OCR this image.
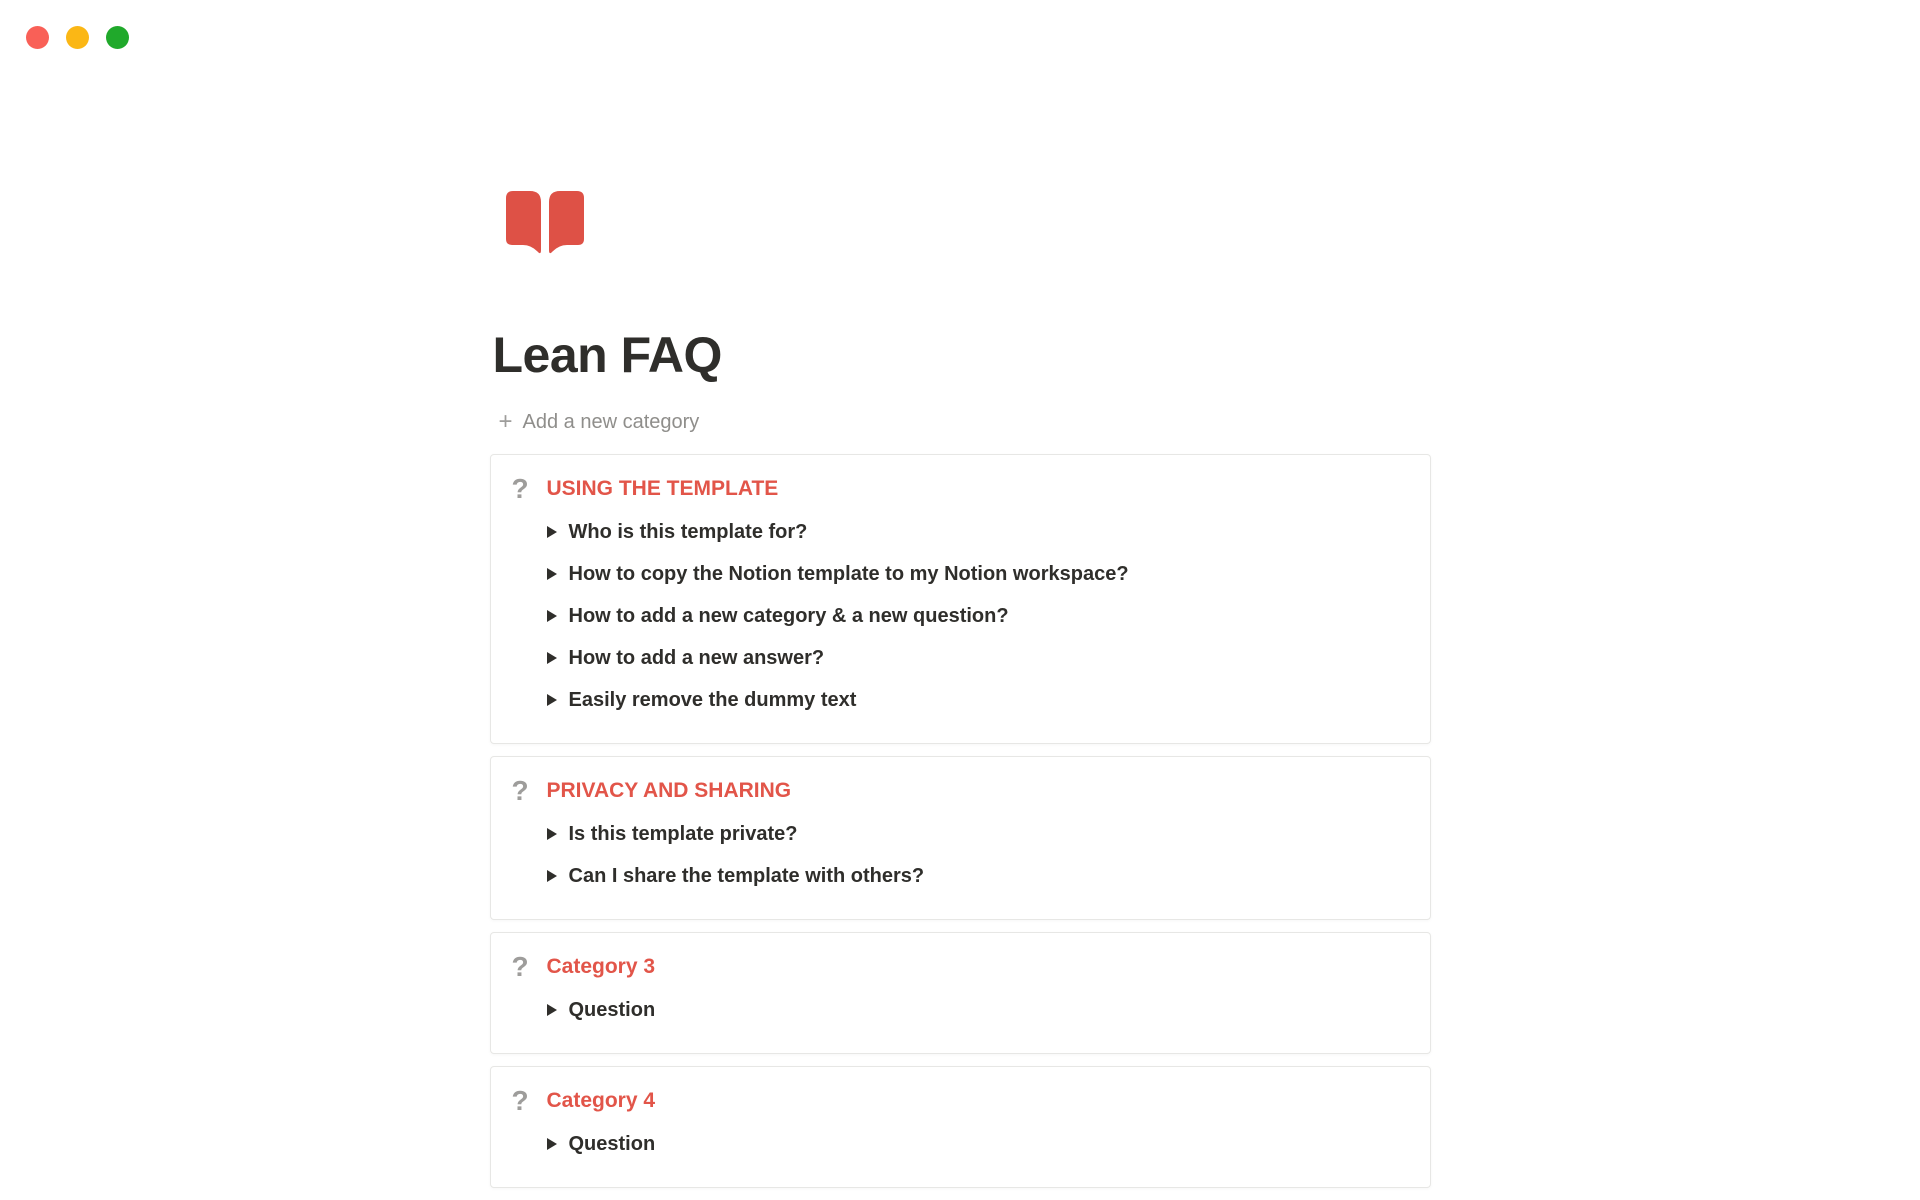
Lean FAQ
+ Add a new category
? USING THE TEMPLATE
Who is this template for?
How to copy the Notion template to my Notion workspace?
How to add a new category & a new question?
How to add a new answer?
Easily remove the dummy text
? PRIVACY AND SHARING
Is this template private?
Can I share the template with others?
? Category 3
Question
? Category 4
Question
